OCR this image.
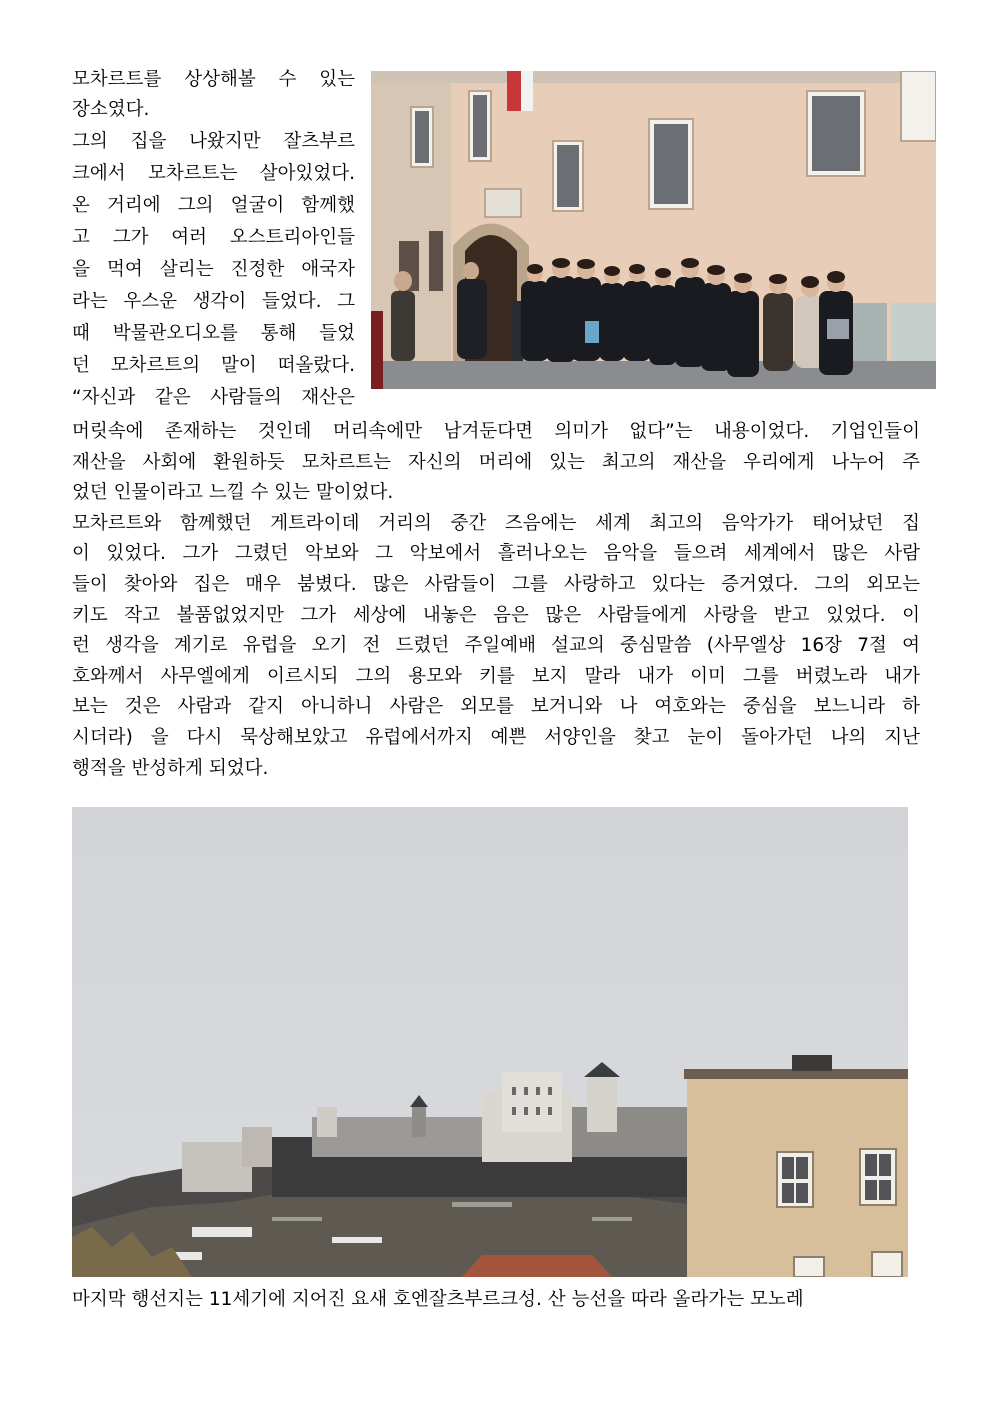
모차르트를 상상해볼 수 있는
장소였다.
그의 집을 나왔지만 잘츠부르
크에서 모차르트는 살아있었다.
온 거리에 그의 얼굴이 함께했
고 그가 여러 오스트리아인들
을 먹여 살리는 진정한 애국자
라는 우스운 생각이 들었다. 그
때 박물관오디오를 통해 들었
던 모차르트의 말이 떠올랐다.
“자신과 같은 사람들의 재산은
머릿속에 존재하는 것인데 머리속에만 남겨둔다면 의미가 없다”는 내용이었다. 기업인들이
재산을 사회에 환원하듯 모차르트는 자신의 머리에 있는 최고의 재산을 우리에게 나누어 주
었던 인물이라고 느낄 수 있는 말이었다.
모차르트와 함께했던 게트라이데 거리의 중간 즈음에는 세계 최고의 음악가가 태어났던 집
이 있었다. 그가 그렸던 악보와 그 악보에서 흘러나오는 음악을 들으려 세계에서 많은 사람
들이 찾아와 집은 매우 붐볐다. 많은 사람들이 그를 사랑하고 있다는 증거였다. 그의 외모는
키도 작고 볼품없었지만 그가 세상에 내놓은 음은 많은 사람들에게 사랑을 받고 있었다. 이
런 생각을 계기로 유럽을 오기 전 드렸던 주일예배 설교의 중심말씀 (사무엘상 16장 7절 여
호와께서 사무엘에게 이르시되 그의 용모와 키를 보지 말라 내가 이미 그를 버렸노라 내가
보는 것은 사람과 같지 아니하니 사람은 외모를 보거니와 나 여호와는 중심을 보느니라 하
시더라) 을 다시 묵상해보았고 유럽에서까지 예쁜 서양인을 찾고 눈이 돌아가던 나의 지난
행적을 반성하게 되었다.
마지막 행선지는 11세기에 지어진 요새 호엔잘츠부르크성. 산 능선을 따라 올라가는 모노레
